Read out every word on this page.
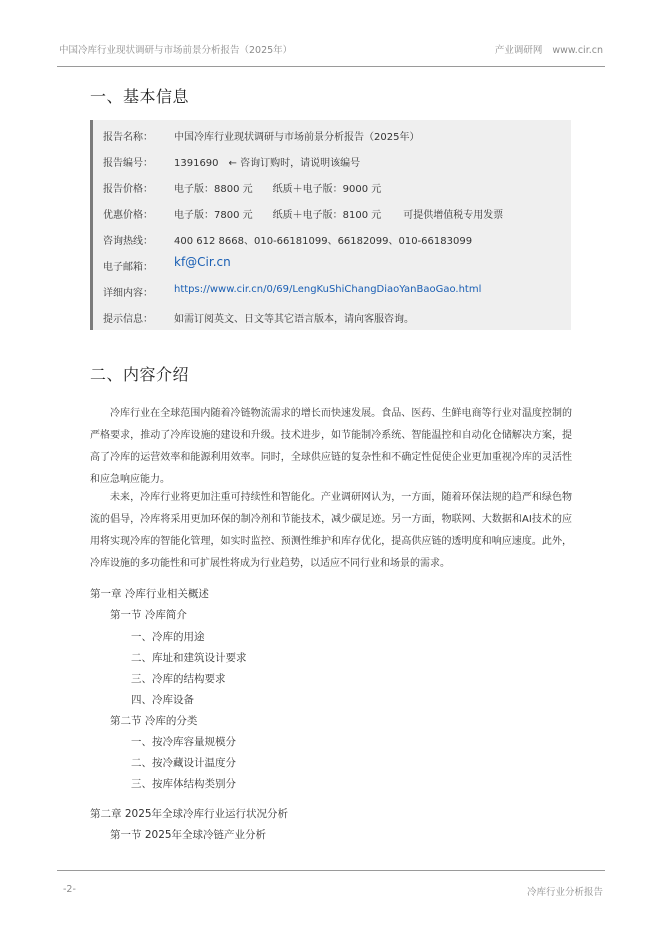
中国冷库行业现状调研与市场前景分析报告（2025年）	产业调研网 www.cir.cn
一、基本信息
报告名称：	中国冷库行业现状调研与市场前景分析报告（2025年）
报告编号：	1391690　← 咨询订购时，请说明该编号
报告价格：	电子版：8800 元 纸质＋电子版：9000 元
优惠价格：	电子版：7800 元 纸质＋电子版：8100 元 可提供增值税专用发票
咨询热线：	400 612 8668、010-66181099、66182099、010-66183099
电子邮箱：	kf@Cir.cn
详细内容：	https://www.cir.cn/0/69/LengKuShiChangDiaoYanBaoGao.html
提示信息：	如需订阅英文、日文等其它语言版本，请向客服咨询。
二、内容介绍

冷库行业在全球范围内随着冷链物流需求的增长而快速发展。食品、医药、生鲜电商等行业对温度控制的严格要求，推动了冷库设施的建设和升级。技术进步，如节能制冷系统、智能温控和自动化仓储解决方案，提高了冷库的运营效率和能源利用效率。同时，全球供应链的复杂性和不确定性促使企业更加重视冷库的灵活性和应急响应能力。

未来，冷库行业将更加注重可持续性和智能化。产业调研网认为，一方面，随着环保法规的趋严和绿色物流的倡导，冷库将采用更加环保的制冷剂和节能技术，减少碳足迹。另一方面，物联网、大数据和AI技术的应用将实现冷库的智能化管理，如实时监控、预测性维护和库存优化，提高供应链的透明度和响应速度。此外，冷库设施的多功能性和可扩展性将成为行业趋势，以适应不同行业和场景的需求。

第一章 冷库行业相关概述
第一节 冷库简介
一、冷库的用途
二、库址和建筑设计要求
三、冷库的结构要求
四、冷库设备
第二节 冷库的分类
一、按冷库容量规模分
二、按冷藏设计温度分
三、按库体结构类别分
第二章 2025年全球冷库行业运行状况分析
第一节 2025年全球冷链产业分析
-2-	冷库行业分析报告
